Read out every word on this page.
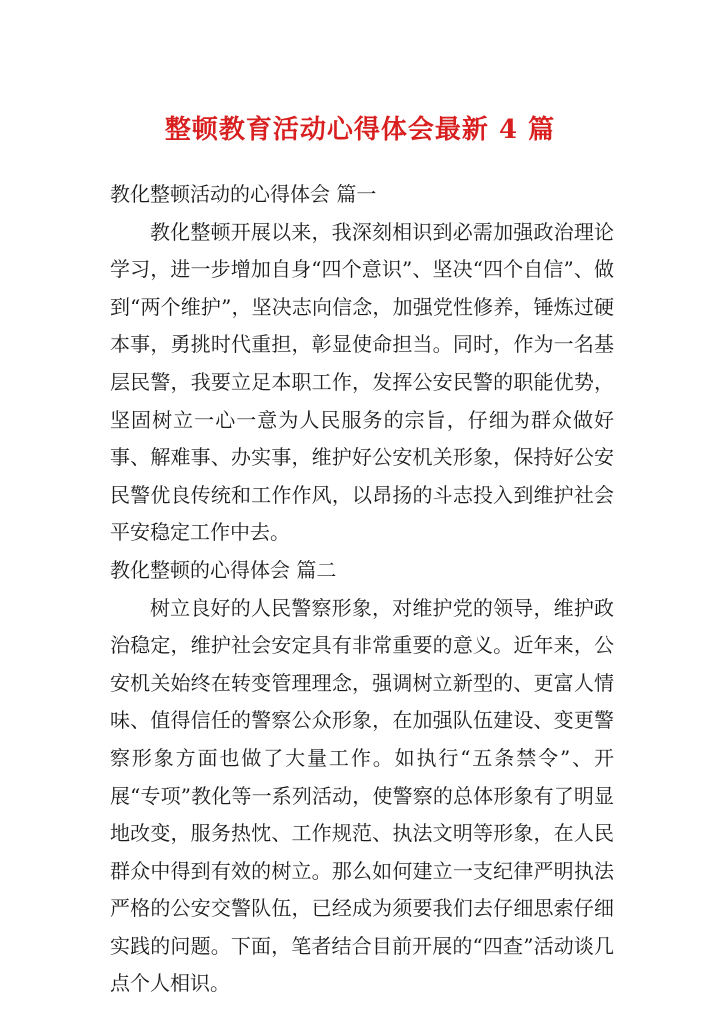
整顿教育活动心得体会最新 4 篇
教化整顿活动的心得体会 篇一

教化整顿开展以来，我深刻相识到必需加强政治理论学习，进一步增加自身“四个意识”、坚决“四个自信”、做到“两个维护”，坚决志向信念，加强党性修养，锤炼过硬本事，勇挑时代重担，彰显使命担当。同时，作为一名基层民警，我要立足本职工作，发挥公安民警的职能优势，坚固树立一心一意为人民服务的宗旨，仔细为群众做好事、解难事、办实事，维护好公安机关形象，保持好公安民警优良传统和工作作风，以昂扬的斗志投入到维护社会平安稳定工作中去。

教化整顿的心得体会 篇二

树立良好的人民警察形象，对维护党的领导，维护政治稳定，维护社会安定具有非常重要的意义。近年来，公安机关始终在转变管理理念，强调树立新型的、更富人情味、值得信任的警察公众形象，在加强队伍建设、变更警察形象方面也做了大量工作。如执行“五条禁令”、开展“专项”教化等一系列活动，使警察的总体形象有了明显地改变，服务热忱、工作规范、执法文明等形象，在人民群众中得到有效的树立。那么如何建立一支纪律严明执法严格的公安交警队伍，已经成为须要我们去仔细思索仔细实践的问题。下面，笔者结合目前开展的“四查”活动谈几点个人相识。
